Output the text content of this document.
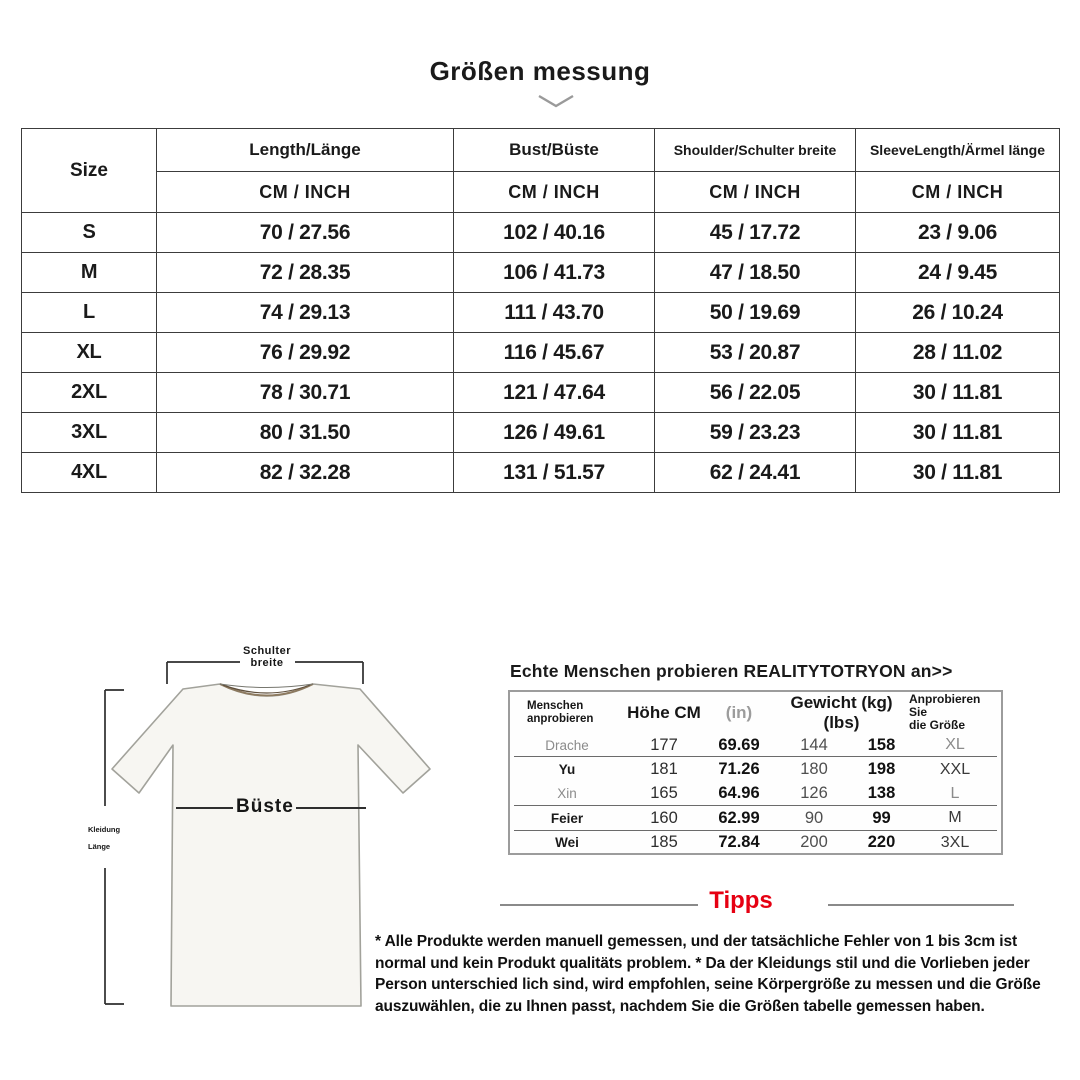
Größen messung
Size	Length/Länge	Bust/Büste	Shoulder/Schulter breite	SleeveLength/Ärmel länge
	CM / INCH	CM / INCH	CM / INCH	CM / INCH
S	70 / 27.56	102 / 40.16	45 / 17.72	23 / 9.06
M	72 / 28.35	106 / 41.73	47 / 18.50	24 / 9.45
L	74 / 29.13	111 / 43.70	50 / 19.69	26 / 10.24
XL	76 / 29.92	116 / 45.67	53 / 20.87	28 / 11.02
2XL	78 / 30.71	121 / 47.64	56 / 22.05	30 / 11.81
3XL	80 / 31.50	126 / 49.61	59 / 23.23	30 / 11.81
4XL	82 / 32.28	131 / 51.57	62 / 24.41	30 / 11.81
Schulter
breite
Büste
Kleidung
Länge
Echte Menschen probieren REALITYTOTRYON an>>
Menschen
anprobieren	Höhe CM	(in)
Gewicht (kg)(lbs)
Anprobieren Sie
die Größe
Drache	177	69.69	144	158	XL
Yu	181	71.26	180	198	XXL
Xin	165	64.96	126	138	L
Feier	160	62.99	90	99	M
Wei	185	72.84	200	220	3XL
Tipps
* Alle Produkte werden manuell gemessen, und der tatsächliche Fehler von 1 bis 3cm ist normal und kein Produkt qualitäts problem. * Da der Kleidungs stil und die Vorlieben jeder Person unterschied lich sind, wird empfohlen, seine Körpergröße zu messen und die Größe auszuwählen, die zu Ihnen passt, nachdem Sie die Größen tabelle gemessen haben.
